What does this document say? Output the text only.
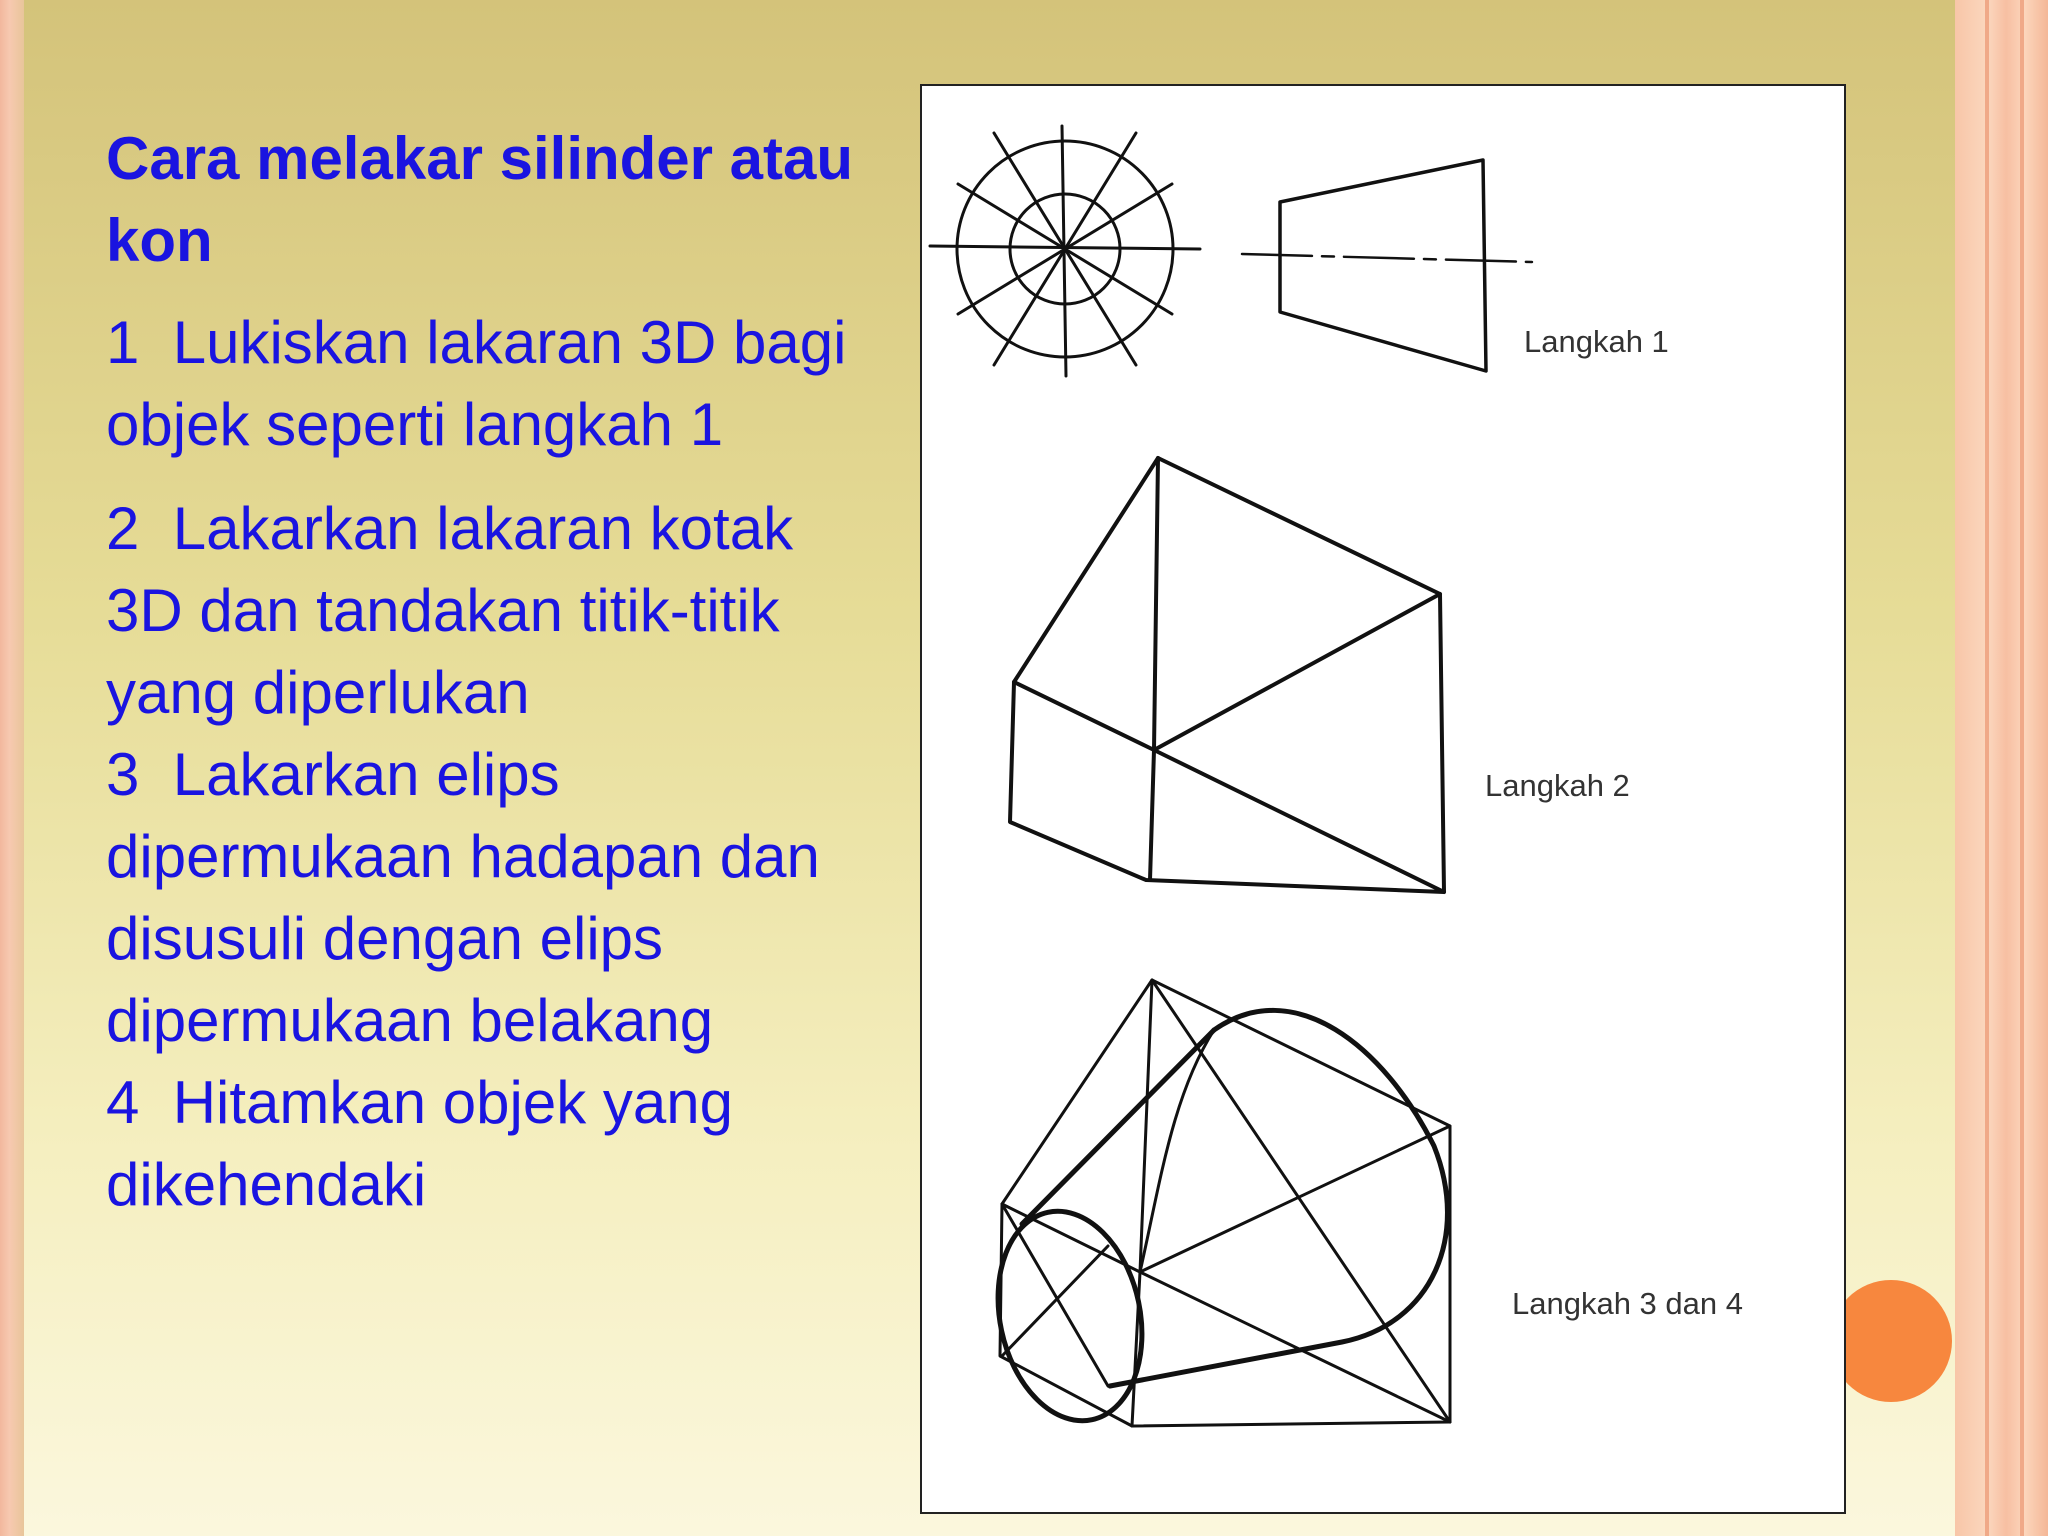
Cara melakar silinder atau kon

1 Lukiskan lakaran 3D bagi objek seperti langkah 1

2 Lakarkan lakaran kotak 3D dan tandakan titik-titik yang diperlukan

3 Lakarkan elips dipermukaan hadapan dan disusuli dengan elips dipermukaan belakang

4 Hitamkan objek yang dikehendaki

Langkah 1
Langkah 2
Langkah 3 dan 4
